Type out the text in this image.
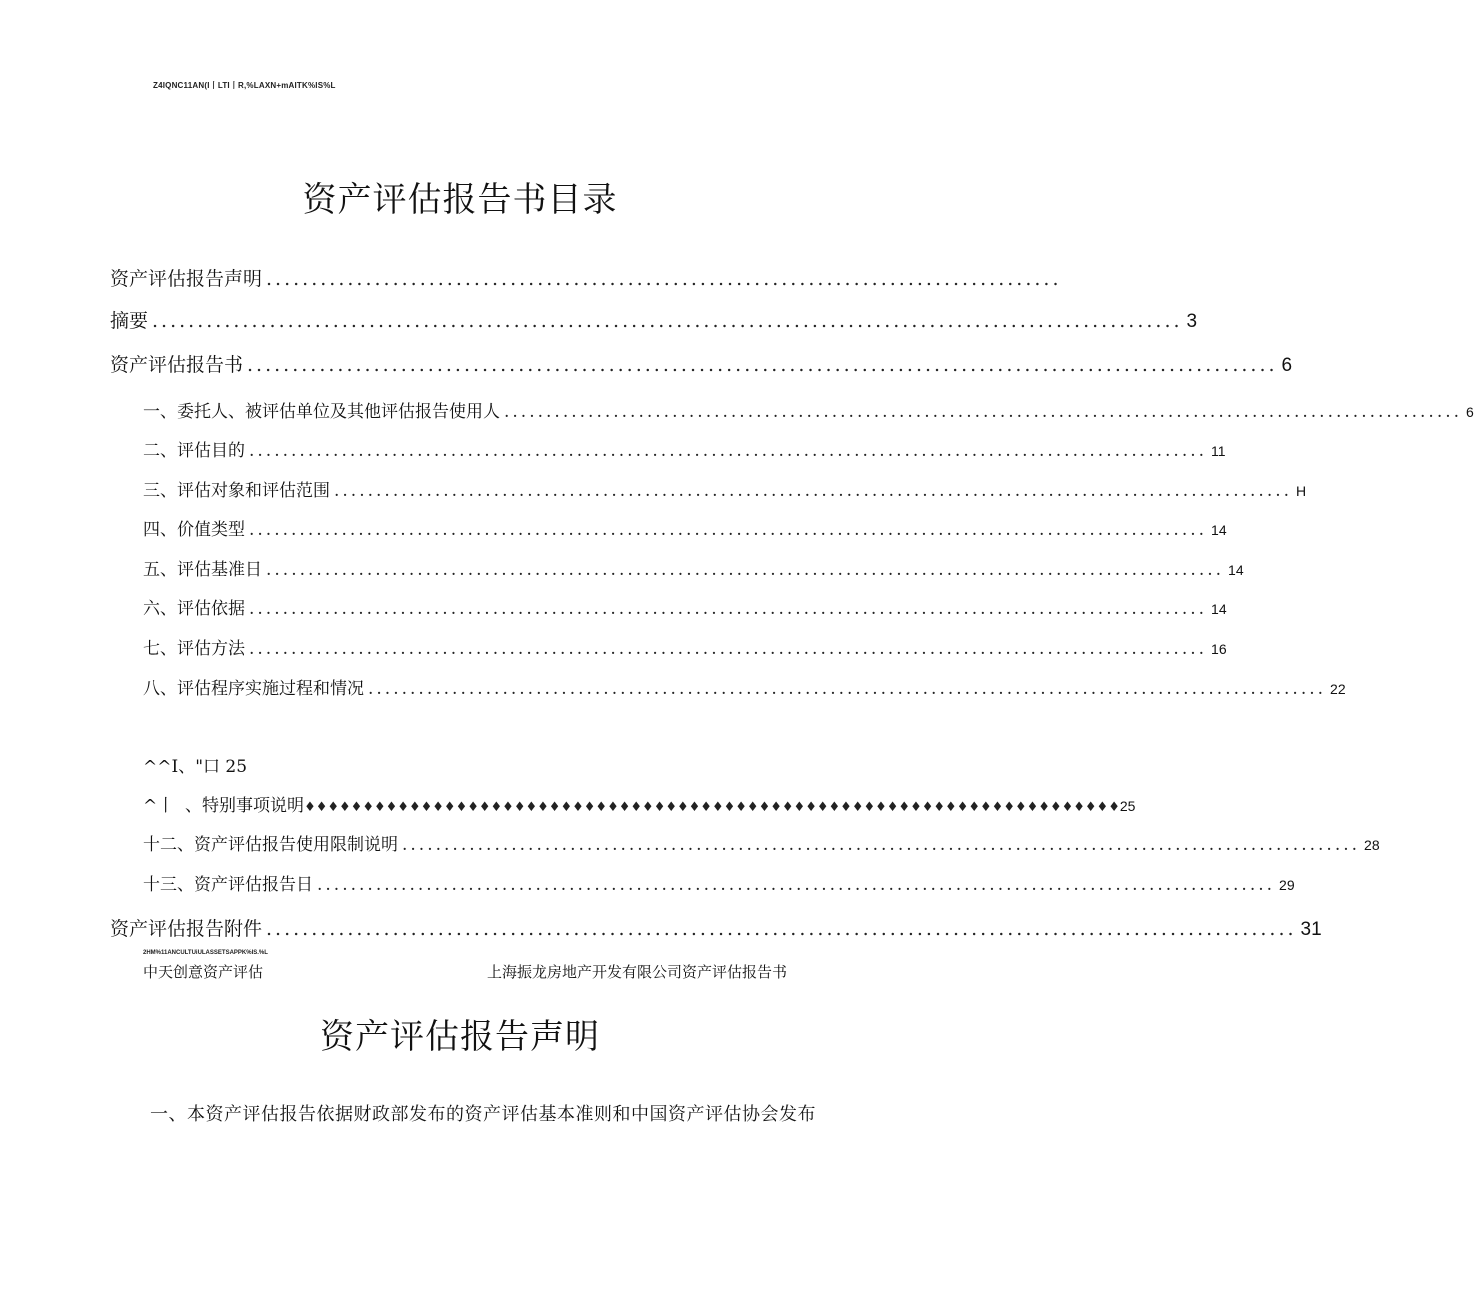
Z4IQNC11AN(I丨LTI丨R,%LAXN+mAITK%IS%L
资产评估报告书目录
资产评估报告声明 ........................................................................................
摘要 .................................................................................................................. 3
资产评估报告书 .................................................................................................................. 6
一、委托人、被评估单位及其他评估报告使用人 .................................................................................................................. 6
二、评估目的 .................................................................................................................. 11
三、评估对象和评估范围 .................................................................................................................. H
四、价值类型 .................................................................................................................. 14
五、评估基准日 .................................................................................................................. 14
六、评估依据 .................................................................................................................. 14
七、评估方法 .................................................................................................................. 16
八、评估程序实施过程和情况 .................................................................................................................. 22
^^I、"口 25
^丨  、特别事项说明 ♦♦♦♦♦♦♦♦♦♦♦♦♦♦♦♦♦♦♦♦♦♦♦♦♦♦♦♦♦♦♦♦♦♦♦♦♦♦♦♦♦♦♦♦♦♦♦♦♦♦♦♦♦♦♦♦♦♦♦♦♦♦♦♦♦♦♦♦♦♦ 25
十二、资产评估报告使用限制说明 .................................................................................................................. 28
十三、资产评估报告日 .................................................................................................................. 29
资产评估报告附件 .................................................................................................................. 31
2HM%11ANCULTUiULASSETSAPPK%IS.%L
中天创意资产评估	上海振龙房地产开发有限公司资产评估报告书
资产评估报告声明

一、本资产评估报告依据财政部发布的资产评估基本准则和中国资产评估协会发布
